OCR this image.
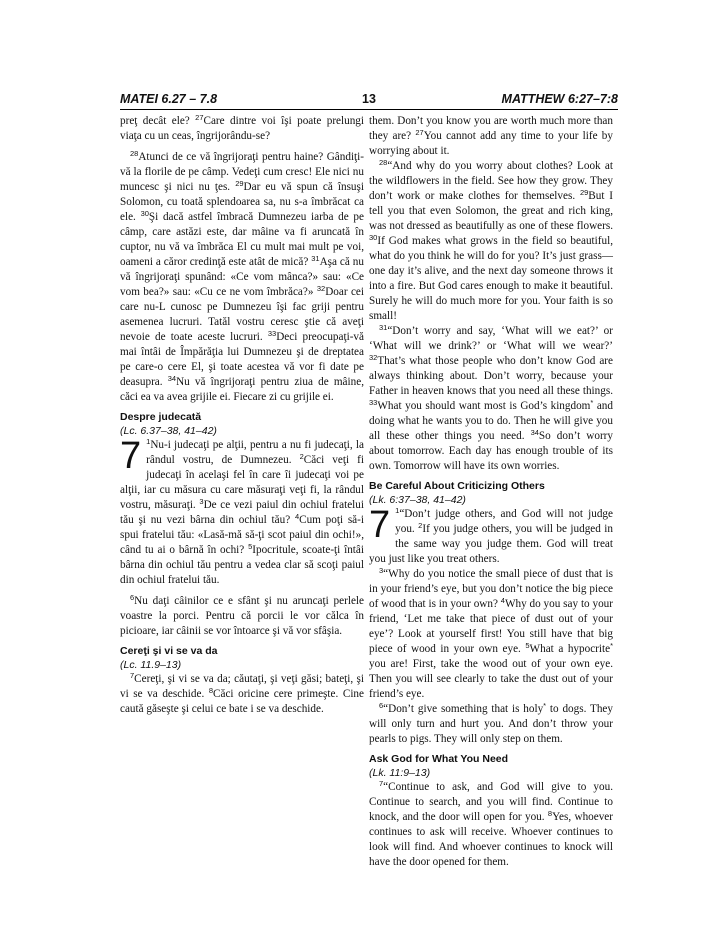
MATEI 6.27 – 7.8	13	MATTHEW 6:27–7:8

preţ decât ele? $^{27}$Care dintre voi îşi poate prelungi viaţa cu un ceas, îngrijorându-se?

$^{28}$Atunci de ce vă îngrijoraţi pentru haine? Gândiţi-vă la florile de pe câmp. Vedeţi cum cresc! Ele nici nu muncesc şi nici nu ţes. $^{29}$Dar eu vă spun că însuşi Solomon, cu toată splendoarea sa, nu s-a îmbrăcat ca ele. $^{30}$Şi dacă astfel îmbracă Dumnezeu iarba de pe câmp, care astăzi este, dar mâine va fi aruncată în cuptor, nu vă va îmbrăca El cu mult mai mult pe voi, oameni a căror credinţă este atât de mică? $^{31}$Aşa că nu vă îngrijoraţi spunând: «Ce vom mânca?» sau: «Ce vom bea?» sau: «Cu ce ne vom îmbrăca?» $^{32}$Doar cei care nu-L cunosc pe Dumnezeu îşi fac griji pentru asemenea lucruri. Tatăl vostru ceresc ştie că aveţi nevoie de toate aceste lucruri. $^{33}$Deci preocupaţi-vă mai întâi de Împărăţia lui Dumnezeu şi de dreptatea pe care-o cere El, şi toate acestea vă vor fi date pe deasupra. $^{34}$Nu vă îngrijoraţi pentru ziua de mâine, căci ea va avea grijile ei. Fiecare zi cu grijile ei.

Despre judecată
(Lc. 6.37–38, 41–42)

7 $^1$Nu-i judecaţi pe alţii, pentru a nu fi judecaţi, la rândul vostru, de Dumnezeu. $^2$Căci veţi fi judecaţi în acelaşi fel în care îi judecaţi voi pe alţii, iar cu măsura cu care măsuraţi veţi fi, la rândul vostru, măsuraţi. $^3$De ce vezi paiul din ochiul fratelui tău şi nu vezi bârna din ochiul tău? $^4$Cum poţi să-i spui fratelui tău: «Lasă-mă să-ţi scot paiul din ochi!», când tu ai o bârnă în ochi? $^5$Ipocritule, scoate-ţi întâi bârna din ochiul tău pentru a vedea clar să scoţi paiul din ochiul fratelui tău.

$^6$Nu daţi câinilor ce e sfânt şi nu aruncaţi perlele voastre la porci. Pentru că porcii le vor călca în picioare, iar câinii se vor întoarce şi vă vor sfâşia.

Cereţi şi vi se va da
(Lc. 11.9–13)

$^7$Cereţi, şi vi se va da; căutaţi, şi veţi găsi; bateţi, şi vi se va deschide. $^8$Căci oricine cere primeşte. Cine caută găseşte şi celui ce bate i se va deschide.

them. Don’t you know you are worth much more than they are? $^{27}$You cannot add any time to your life by worrying about it.

$^{28}$“And why do you worry about clothes? Look at the wildflowers in the field. See how they grow. They don’t work or make clothes for themselves. $^{29}$But I tell you that even Solomon, the great and rich king, was not dressed as beautifully as one of these flowers. $^{30}$If God makes what grows in the field so beautiful, what do you think he will do for you? It’s just grass—one day it’s alive, and the next day someone throws it into a fire. But God cares enough to make it beautiful. Surely he will do much more for you. Your faith is so small!

$^{31}$“Don’t worry and say, ‘What will we eat?’ or ‘What will we drink?’ or ‘What will we wear?’ $^{32}$That’s what those people who don’t know God are always thinking about. Don’t worry, because your Father in heaven knows that you need all these things. $^{33}$What you should want most is God’s kingdom* and doing what he wants you to do. Then he will give you all these other things you need. $^{34}$So don’t worry about tomorrow. Each day has enough trouble of its own. Tomorrow will have its own worries.

Be Careful About Criticizing Others
(Lk. 6:37–38, 41–42)

7 $^1$“Don’t judge others, and God will not judge you. $^2$If you judge others, you will be judged in the same way you judge them. God will treat you just like you treat others.

$^3$“Why do you notice the small piece of dust that is in your friend’s eye, but you don’t notice the big piece of wood that is in your own? $^4$Why do you say to your friend, ‘Let me take that piece of dust out of your eye’? Look at yourself first! You still have that big piece of wood in your own eye. $^5$What a hypocrite* you are! First, take the wood out of your own eye. Then you will see clearly to take the dust out of your friend’s eye.

$^6$“Don’t give something that is holy* to dogs. They will only turn and hurt you. And don’t throw your pearls to pigs. They will only step on them.

Ask God for What You Need
(Lk. 11:9–13)

$^7$“Continue to ask, and God will give to you. Continue to search, and you will find. Continue to knock, and the door will open for you. $^8$Yes, whoever continues to ask will receive. Whoever continues to look will find. And whoever continues to knock will have the door opened for them.
